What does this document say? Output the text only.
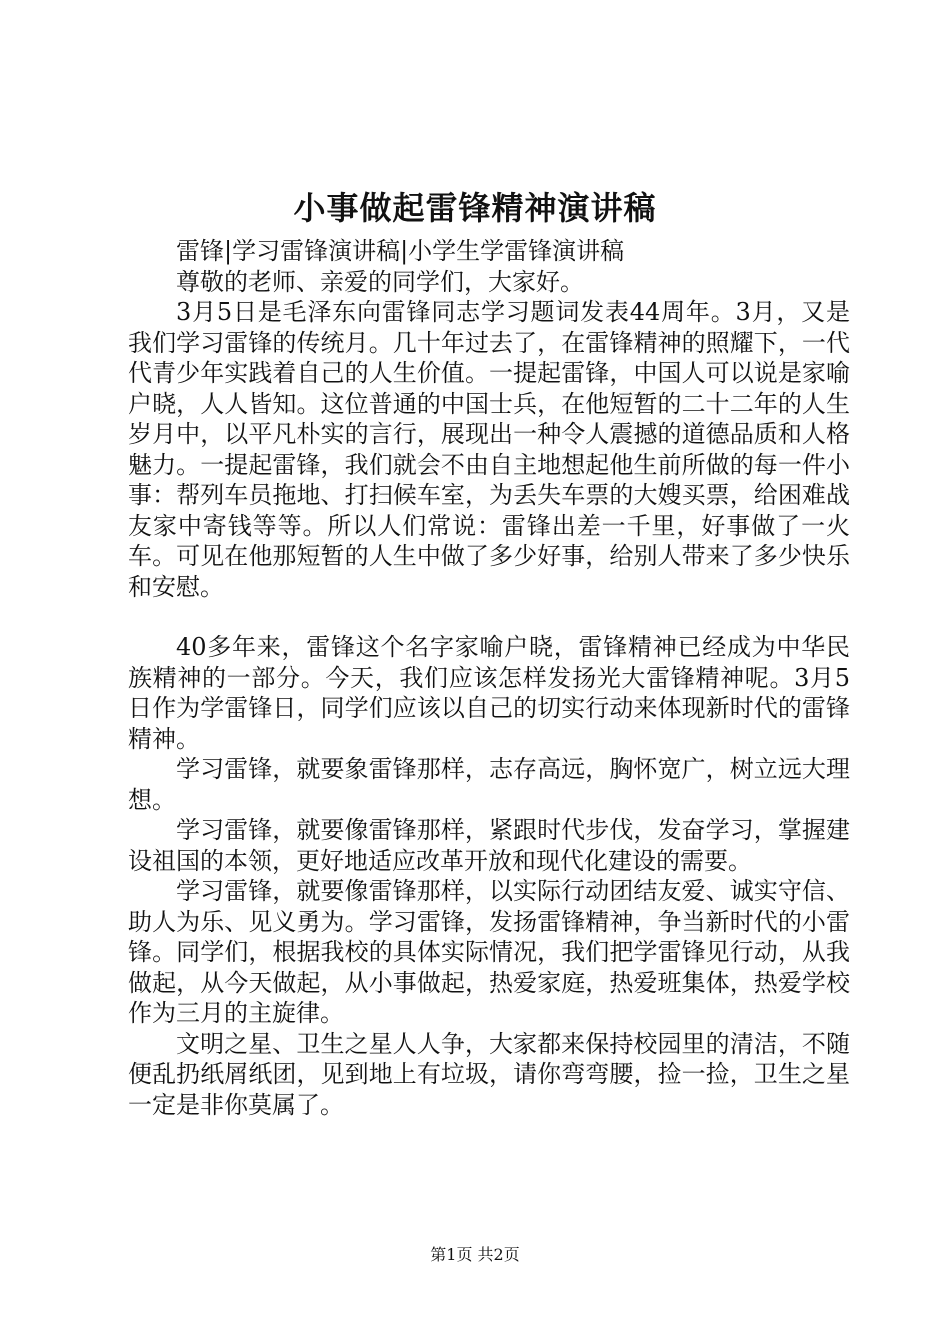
小事做起雷锋精神演讲稿

雷锋|学习雷锋演讲稿|小学生学雷锋演讲稿

尊敬的老师、亲爱的同学们，大家好。

3月5日是毛泽东向雷锋同志学习题词发表44周年。3月，又是我们学习雷锋的传统月。几十年过去了，在雷锋精神的照耀下，一代代青少年实践着自己的人生价值。一提起雷锋，中国人可以说是家喻户晓，人人皆知。这位普通的中国士兵，在他短暂的二十二年的人生岁月中，以平凡朴实的言行，展现出一种令人震撼的道德品质和人格魅力。一提起雷锋，我们就会不由自主地想起他生前所做的每一件小事：帮列车员拖地、打扫候车室，为丢失车票的大嫂买票，给困难战友家中寄钱等等。所以人们常说：雷锋出差一千里，好事做了一火车。可见在他那短暂的人生中做了多少好事，给别人带来了多少快乐和安慰。

40多年来，雷锋这个名字家喻户晓，雷锋精神已经成为中华民族精神的一部分。今天，我们应该怎样发扬光大雷锋精神呢。3月5日作为学雷锋日，同学们应该以自己的切实行动来体现新时代的雷锋精神。

学习雷锋，就要象雷锋那样，志存高远，胸怀宽广，树立远大理想。

学习雷锋，就要像雷锋那样，紧跟时代步伐，发奋学习，掌握建设祖国的本领，更好地适应改革开放和现代化建设的需要。

学习雷锋，就要像雷锋那样，以实际行动团结友爱、诚实守信、助人为乐、见义勇为。学习雷锋，发扬雷锋精神，争当新时代的小雷锋。同学们，根据我校的具体实际情况，我们把学雷锋见行动，从我做起，从今天做起，从小事做起，热爱家庭，热爱班集体，热爱学校作为三月的主旋律。

文明之星、卫生之星人人争，大家都来保持校园里的清洁，不随便乱扔纸屑纸团，见到地上有垃圾，请你弯弯腰，捡一捡，卫生之星一定是非你莫属了。

第1页 共2页
